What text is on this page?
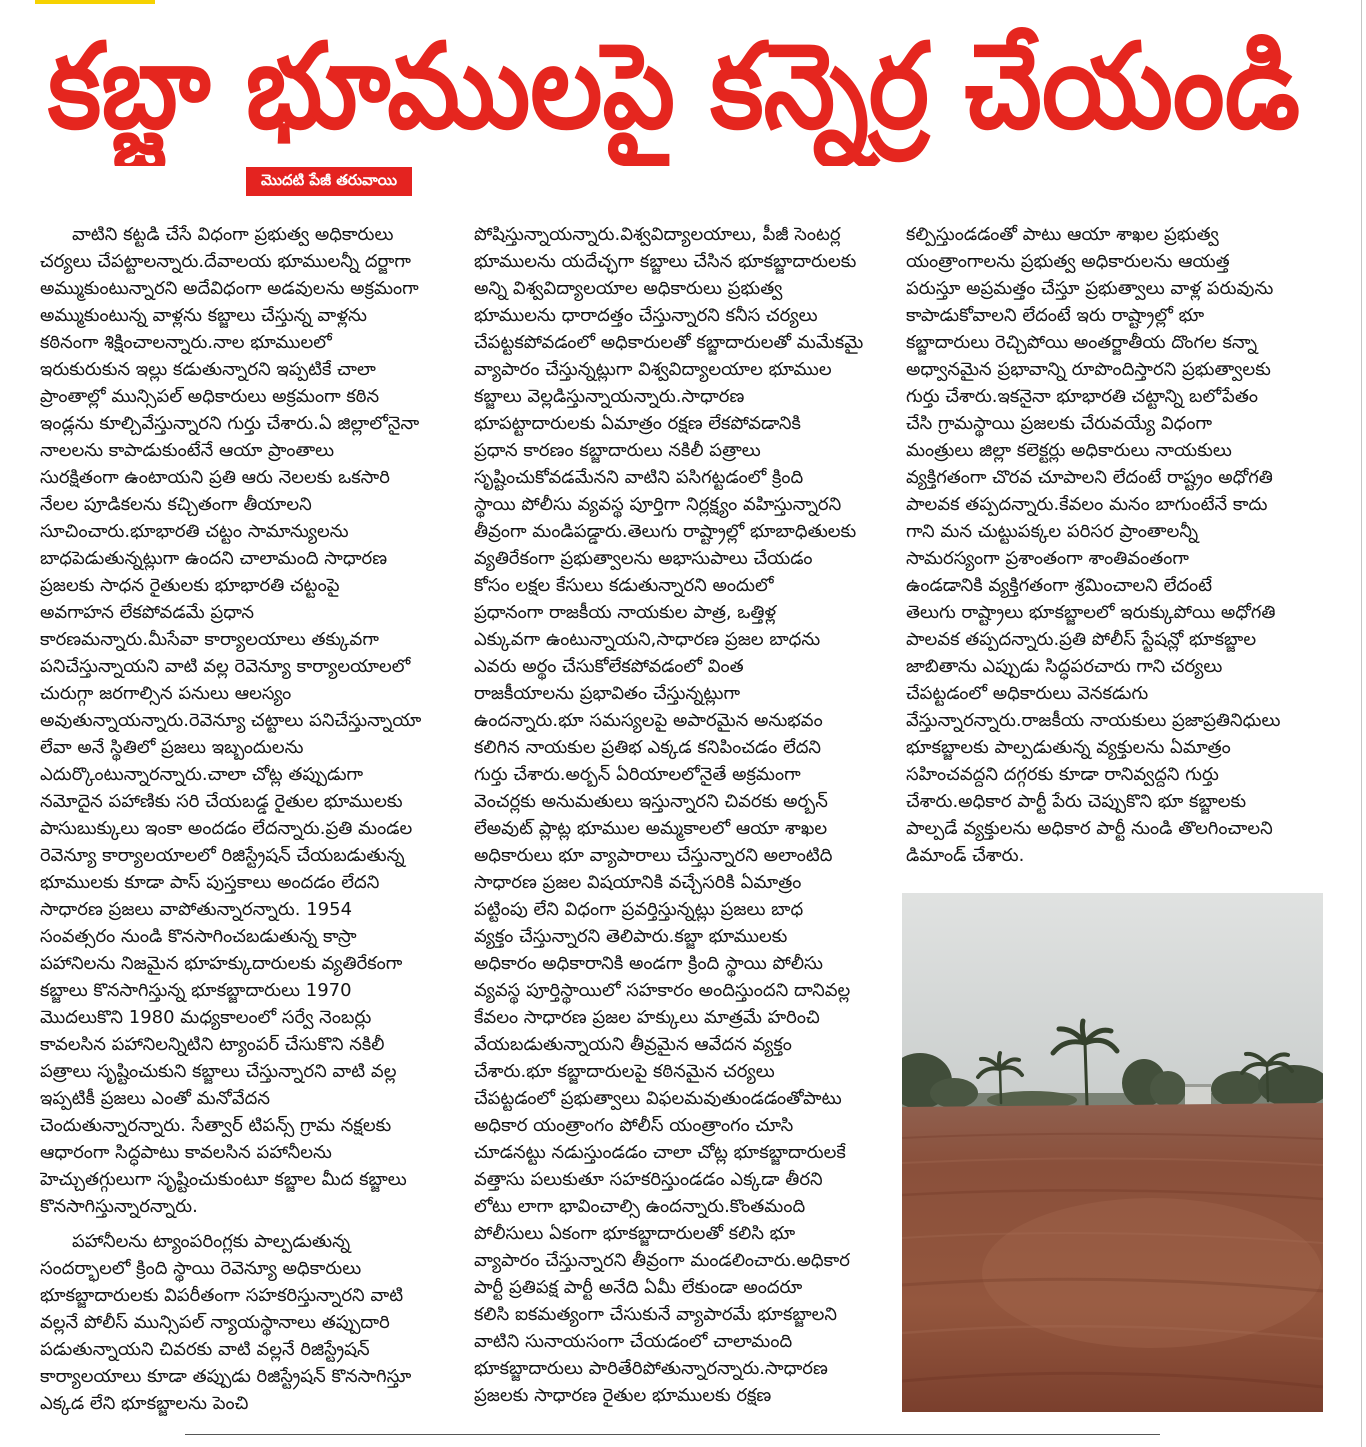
కబ్జా భూములపై కన్నెర్ర చేయండి
మొదటి పేజీ తరువాయి
వాటిని కట్టడి చేసే విధంగా ప్రభుత్వ అధికారులు
చర్యలు చేపట్టాలన్నారు.దేవాలయ భూములన్నీ దర్జాగా
అమ్ముకుంటున్నారని అదేవిధంగా అడవులను అక్రమంగా
అమ్ముకుంటున్న వాళ్లను కబ్జాలు చేస్తున్న వాళ్లను
కఠినంగా శిక్షించాలన్నారు.నాల భూములలో
ఇరుకురుకున ఇల్లు కడుతున్నారని ఇప్పటికే చాలా
ప్రాంతాల్లో మున్సిపల్ అధికారులు అక్రమంగా కఠిన
ఇండ్లను కూల్చివేస్తున్నారని గుర్తు చేశారు.ఏ జిల్లాలోనైనా
నాలలను కాపాడుకుంటేనే ఆయా ప్రాంతాలు
సురక్షితంగా ఉంటాయని ప్రతి ఆరు నెలలకు ఒకసారి
నేలల పూడికలను కచ్చితంగా తీయాలని
సూచించారు.భూభారతి చట్టం సామాన్యులను
బాధపెడుతున్నట్లుగా ఉందని చాలామంది సాధారణ
ప్రజలకు సాధన రైతులకు భూభారతి చట్టంపై
అవగాహన లేకపోవడమే ప్రధాన
కారణమన్నారు.మీసేవా కార్యాలయాలు తక్కువగా
పనిచేస్తున్నాయని వాటి వల్ల రెవెన్యూ కార్యాలయాలలో
చురుగ్గా జరగాల్సిన పనులు ఆలస్యం
అవుతున్నాయన్నారు.రెవెన్యూ చట్టాలు పనిచేస్తున్నాయా
లేవా అనే స్థితిలో ప్రజలు ఇబ్బందులను
ఎదుర్కొంటున్నారన్నారు.చాలా చోట్ల తప్పుడుగా
నమోదైన పహాణికు సరి చేయబడ్డ రైతుల భూములకు
పాసుబుక్కులు ఇంకా అందడం లేదన్నారు.ప్రతి మండల
రెవెన్యూ కార్యాలయాలలో రిజిస్ట్రేషన్ చేయబడుతున్న
భూములకు కూడా పాస్ పుస్తకాలు అందడం లేదని
సాధారణ ప్రజలు వాపోతున్నారన్నారు. 1954
సంవత్సరం నుండి కొనసాగించబడుతున్న కాస్రా
పహానిలను నిజమైన భూహక్కుదారులకు వ్యతిరేకంగా
కబ్జాలు కొనసాగిస్తున్న భూకబ్జాదారులు 1970
మొదలుకొని 1980 మధ్యకాలంలో సర్వే నెంబర్లు
కావలసిన పహానిలన్నిటిని ట్యాంపర్ చేసుకొని నకిలీ
పత్రాలు సృష్టించుకుని కబ్జాలు చేస్తున్నారని వాటి వల్ల
ఇప్పటికీ ప్రజలు ఎంతో మనోవేదన
చెందుతున్నారన్నారు. సేత్వార్ టిపన్స్ గ్రామ నక్షలకు
ఆధారంగా సిద్ధపాటు కావలసిన పహానీలను
హెచ్చుతగ్గులుగా సృష్టించుకుంటూ కబ్జాల మీద కబ్జాలు
కొనసాగిస్తున్నారన్నారు.
పహానీలను ట్యాంపరింగ్లకు పాల్పడుతున్న
సందర్భాలలో క్రింది స్థాయి రెవెన్యూ అధికారులు
భూకబ్జాదారులకు విపరీతంగా సహకరిస్తున్నారని వాటి
వల్లనే పోలీస్ మున్సిపల్ న్యాయస్థానాలు తప్పుదారి
పడుతున్నాయని చివరకు వాటి వల్లనే రిజిస్ట్రేషన్
కార్యాలయాలు కూడా తప్పుడు రిజిస్ట్రేషన్ కొనసాగిస్తూ
ఎక్కడ లేని భూకబ్జాలను పెంచి
పోషిస్తున్నాయన్నారు.విశ్వవిద్యాలయాలు, పీజీ సెంటర్ల
భూములను యదేచ్ఛగా కబ్జాలు చేసిన భూకబ్జాదారులకు
అన్ని విశ్వవిద్యాలయాల అధికారులు ప్రభుత్వ
భూములను ధారాదత్తం చేస్తున్నారని కనీస చర్యలు
చేపట్టకపోవడంలో అధికారులతో కబ్జాదారులతో మమేకమై
వ్యాపారం చేస్తున్నట్లుగా విశ్వవిద్యాలయాల భూముల
కబ్జాలు వెల్లడిస్తున్నాయన్నారు.సాధారణ
భూపట్టాదారులకు ఏమాత్రం రక్షణ లేకపోవడానికి
ప్రధాన కారణం కబ్జాదారులు నకిలీ పత్రాలు
సృష్టించుకోవడమేనని వాటిని పసిగట్టడంలో క్రింది
స్థాయి పోలీసు వ్యవస్థ పూర్తిగా నిర్లక్ష్యం వహిస్తున్నారని
తీవ్రంగా మండిపడ్డారు.తెలుగు రాష్ట్రాల్లో భూబాధితులకు
వ్యతిరేకంగా ప్రభుత్వాలను అభాసుపాలు చేయడం
కోసం లక్షల కేసులు కడుతున్నారని అందులో
ప్రధానంగా రాజకీయ నాయకుల పాత్ర, ఒత్తిళ్ల
ఎక్కువగా ఉంటున్నాయని,సాధారణ ప్రజల బాధను
ఎవరు అర్థం చేసుకోలేకపోవడంలో వింత
రాజకీయాలను ప్రభావితం చేస్తున్నట్లుగా
ఉందన్నారు.భూ సమస్యలపై అపారమైన అనుభవం
కలిగిన నాయకుల ప్రతిభ ఎక్కడ కనిపించడం లేదని
గుర్తు చేశారు.అర్బన్ ఏరియాలలోనైతే అక్రమంగా
వెంచర్లకు అనుమతులు ఇస్తున్నారని చివరకు అర్బన్
లేఅవుట్ ప్లాట్ల భూముల అమ్మకాలలో ఆయా శాఖల
అధికారులు భూ వ్యాపారాలు చేస్తున్నారని అలాంటిది
సాధారణ ప్రజల విషయానికి వచ్చేసరికి ఏమాత్రం
పట్టింపు లేని విధంగా ప్రవర్తిస్తున్నట్లు ప్రజలు బాధ
వ్యక్తం చేస్తున్నారని తెలిపారు.కబ్జా భూములకు
అధికారం అధికారానికి అండగా క్రింది స్థాయి పోలీసు
వ్యవస్థ పూర్తిస్థాయిలో సహకారం అందిస్తుందని దానివల్ల
కేవలం సాధారణ ప్రజల హక్కులు మాత్రమే హరించి
వేయబడుతున్నాయని తీవ్రమైన ఆవేదన వ్యక్తం
చేశారు.భూ కబ్జాదారులపై కఠినమైన చర్యలు
చేపట్టడంలో ప్రభుత్వాలు విఫలమవుతుండడంతోపాటు
అధికార యంత్రాంగం పోలీస్ యంత్రాంగం చూసి
చూడనట్టు నడుస్తుండడం చాలా చోట్ల భూకబ్జాదారులకే
వత్తాసు పలుకుతూ సహకరిస్తుండడం ఎక్కడా తీరని
లోటు లాగా భావించాల్సి ఉందన్నారు.కొంతమంది
పోలీసులు ఏకంగా భూకబ్జాదారులతో కలిసి భూ
వ్యాపారం చేస్తున్నారని తీవ్రంగా మండలించారు.అధికార
పార్టీ ప్రతిపక్ష పార్టీ అనేది ఏమీ లేకుండా అందరూ
కలిసి ఐకమత్యంగా చేసుకునే వ్యాపారమే భూకబ్జాలని
వాటిని సునాయసంగా చేయడంలో చాలామంది
భూకబ్జాదారులు పారితేరిపోతున్నారన్నారు.సాధారణ
ప్రజలకు సాధారణ రైతుల భూములకు రక్షణ
కల్పిస్తుండడంతో పాటు ఆయా శాఖల ప్రభుత్వ
యంత్రాంగాలను ప్రభుత్వ అధికారులను ఆయత్త
పరుస్తూ అప్రమత్తం చేస్తూ ప్రభుత్వాలు వాళ్ల పరువును
కాపాడుకోవాలని లేదంటే ఇరు రాష్ట్రాల్లో భూ
కబ్జాదారులు రెచ్చిపోయి అంతర్జాతీయ దొంగల కన్నా
అధ్వానమైన ప్రభావాన్ని రూపొందిస్తారని ప్రభుత్వాలకు
గుర్తు చేశారు.ఇకనైనా భూభారతి చట్టాన్ని బలోపేతం
చేసి గ్రామస్థాయి ప్రజలకు చేరువయ్యే విధంగా
మంత్రులు జిల్లా కలెక్టర్లు అధికారులు నాయకులు
వ్యక్తిగతంగా చొరవ చూపాలని లేదంటే రాష్ట్రం అధోగతి
పాలవక తప్పదన్నారు.కేవలం మనం బాగుంటేనే కాదు
గాని మన చుట్టుపక్కల పరిసర ప్రాంతాలన్నీ
సామరస్యంగా ప్రశాంతంగా శాంతివంతంగా
ఉండడానికి వ్యక్తిగతంగా శ్రమించాలని లేదంటే
తెలుగు రాష్ట్రాలు భూకబ్జాలలో ఇరుక్కుపోయి అధోగతి
పాలవక తప్పదన్నారు.ప్రతి పోలీస్ స్టేషన్లో భూకబ్జాల
జాబితాను ఎప్పుడు సిద్ధపరచారు గాని చర్యలు
చేపట్టడంలో అధికారులు వెనకడుగు
వేస్తున్నారన్నారు.రాజకీయ నాయకులు ప్రజాప్రతినిధులు
భూకబ్జాలకు పాల్పడుతున్న వ్యక్తులను ఏమాత్రం
సహించవద్దని దగ్గరకు కూడా రానివ్వద్దని గుర్తు
చేశారు.అధికార పార్టీ పేరు చెప్పుకొని భూ కబ్జాలకు
పాల్పడే వ్యక్తులను అధికార పార్టీ నుండి తొలగించాలని
డిమాండ్ చేశారు.
